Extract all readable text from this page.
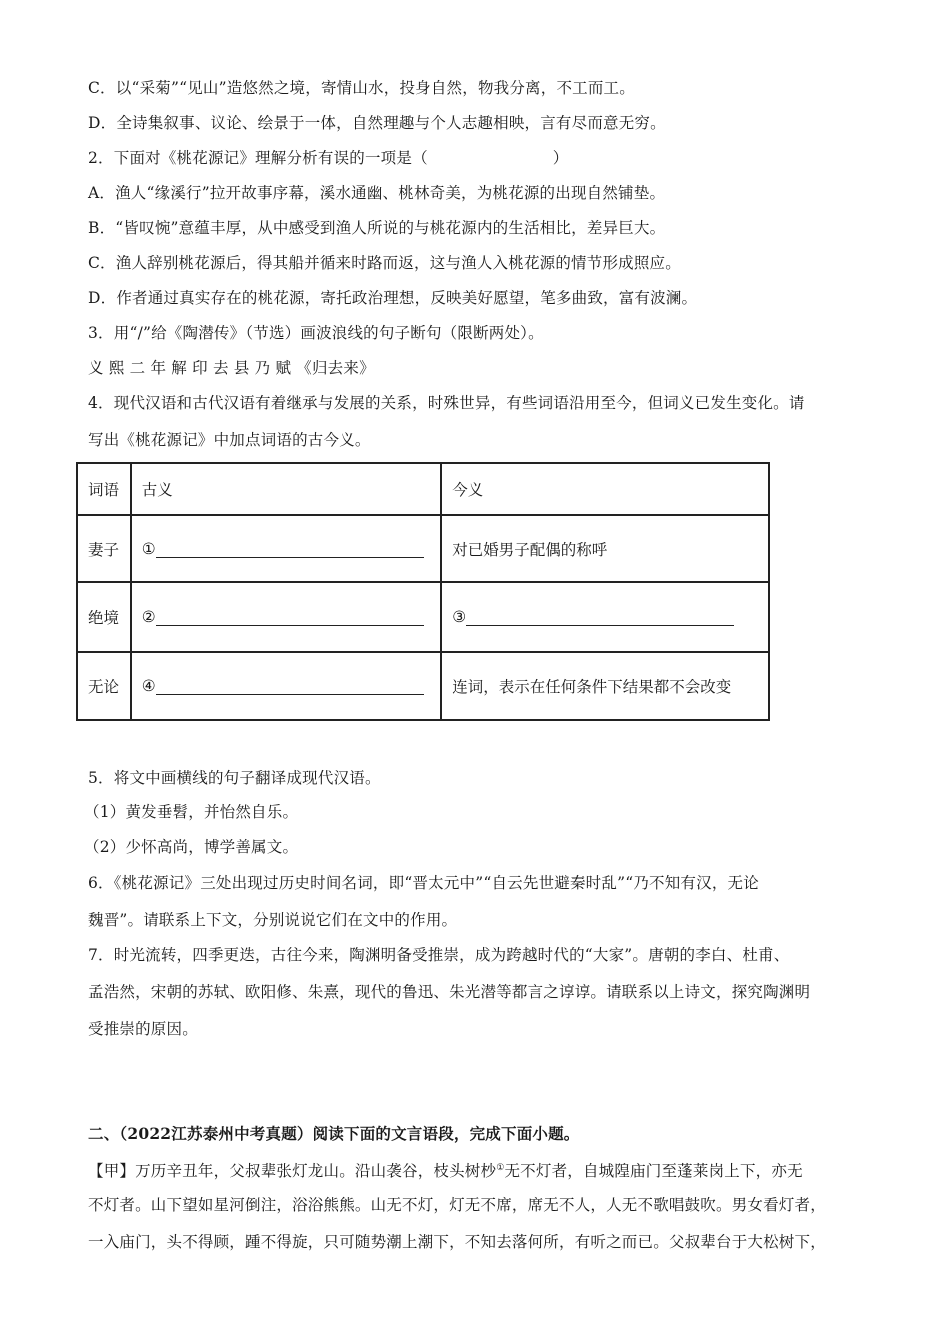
C．以“采菊”“见山”造悠然之境，寄情山水，投身自然，物我分离，不工而工。

D．全诗集叙事、议论、绘景于一体，自然理趣与个人志趣相映，言有尽而意无穷。

2．下面对《桃花源记》理解分析有误的一项是（	）

A．渔人“缘溪行”拉开故事序幕，溪水通幽、桃林奇美，为桃花源的出现自然铺垫。

B．“皆叹惋”意蕴丰厚，从中感受到渔人所说的与桃花源内的生活相比，差异巨大。

C．渔人辞别桃花源后，得其船并循来时路而返，这与渔人入桃花源的情节形成照应。

D．作者通过真实存在的桃花源，寄托政治理想，反映美好愿望，笔多曲致，富有波澜。

3．用“/”给《陶潜传》（节选）画波浪线的句子断句（限断两处）。

义 熙 二 年 解 印 去 县 乃 赋 《归去来》

4．现代汉语和古代汉语有着继承与发展的关系，时殊世异，有些词语沿用至今，但词义已发生变化。请

写出《桃花源记》中加点词语的古今义。

词语	古义	今义
妻子	①	对已婚男子配偶的称呼
绝境	②	③
无论	④	连词，表示在任何条件下结果都不会改变

5．将文中画横线的句子翻译成现代汉语。

（1）黄发垂髫，并怡然自乐。

（2）少怀高尚，博学善属文。

6．《桃花源记》三处出现过历史时间名词，即“晋太元中”“自云先世避秦时乱”“乃不知有汉，无论

魏晋”。请联系上下文，分别说说它们在文中的作用。

7．时光流转，四季更迭，古往今来，陶渊明备受推崇，成为跨越时代的“大家”。唐朝的李白、杜甫、

孟浩然，宋朝的苏轼、欧阳修、朱熹，现代的鲁迅、朱光潜等都言之谆谆。请联系以上诗文，探究陶渊明

受推崇的原因。

二、（2022江苏泰州中考真题）阅读下面的文言语段，完成下面小题。

【甲】万历辛丑年，父叔辈张灯龙山。沿山袭谷，枝头树杪①无不灯者，自城隍庙门至蓬莱岗上下，亦无

不灯者。山下望如星河倒注，浴浴熊熊。山无不灯，灯无不席，席无不人，人无不歌唱鼓吹。男女看灯者，

一入庙门，头不得顾，踵不得旋，只可随势潮上潮下，不知去落何所，有听之而已。父叔辈台于大松树下，
